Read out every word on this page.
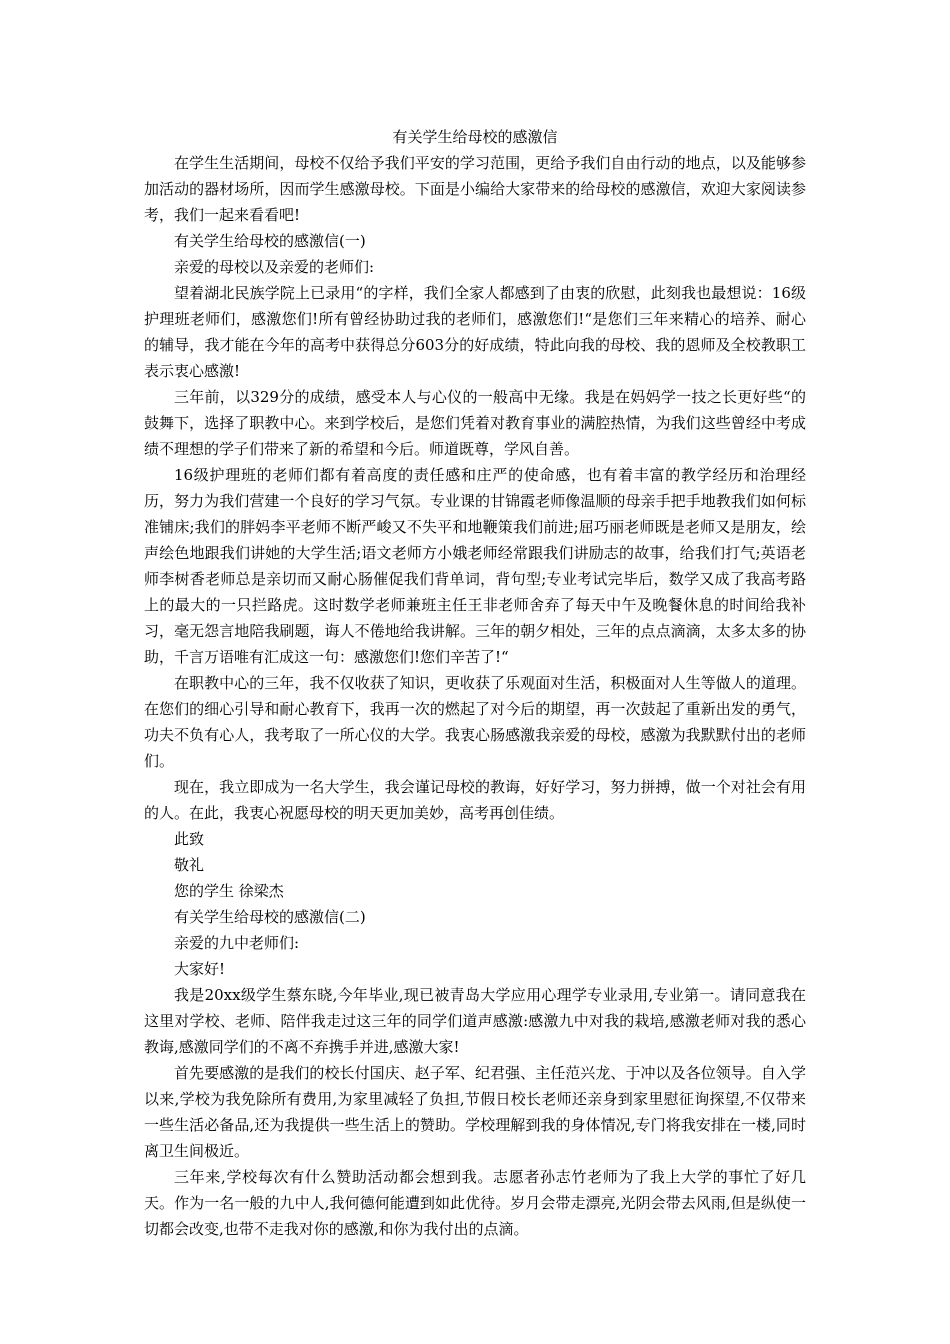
有关学生给母校的感激信

在学生生活期间，母校不仅给予我们平安的学习范围，更给予我们自由行动的地点，以及能够参加活动的器材场所，因而学生感激母校。下面是小编给大家带来的给母校的感激信，欢迎大家阅读参考，我们一起来看看吧!

有关学生给母校的感激信(一)

亲爱的母校以及亲爱的老师们:

望着湖北民族学院上已录用“的字样，我们全家人都感到了由衷的欣慰，此刻我也最想说：16级护理班老师们，感激您们!所有曾经协助过我的老师们，感激您们!“是您们三年来精心的培养、耐心的辅导，我才能在今年的高考中获得总分603分的好成绩，特此向我的母校、我的恩师及全校教职工表示衷心感激!

三年前，以329分的成绩，感受本人与心仪的一般高中无缘。我是在妈妈学一技之长更好些“的鼓舞下，选择了职教中心。来到学校后，是您们凭着对教育事业的满腔热情，为我们这些曾经中考成绩不理想的学子们带来了新的希望和今后。师道既尊，学风自善。

16级护理班的老师们都有着高度的责任感和庄严的使命感，也有着丰富的教学经历和治理经历，努力为我们营建一个良好的学习气氛。专业课的甘锦霞老师像温顺的母亲手把手地教我们如何标准铺床;我们的胖妈李平老师不断严峻又不失平和地鞭策我们前进;屈巧丽老师既是老师又是朋友，绘声绘色地跟我们讲她的大学生活;语文老师方小娥老师经常跟我们讲励志的故事，给我们打气;英语老师李树香老师总是亲切而又耐心肠催促我们背单词，背句型;专业考试完毕后，数学又成了我高考路上的最大的一只拦路虎。这时数学老师兼班主任王非老师舍弃了每天中午及晚餐休息的时间给我补习，毫无怨言地陪我刷题，诲人不倦地给我讲解。三年的朝夕相处，三年的点点滴滴，太多太多的协助，千言万语唯有汇成这一句：感激您们!您们辛苦了!“

在职教中心的三年，我不仅收获了知识，更收获了乐观面对生活，积极面对人生等做人的道理。在您们的细心引导和耐心教育下，我再一次的燃起了对今后的期望，再一次鼓起了重新出发的勇气，功夫不负有心人，我考取了一所心仪的大学。我衷心肠感激我亲爱的母校，感激为我默默付出的老师们。

现在，我立即成为一名大学生，我会谨记母校的教诲，好好学习，努力拼搏，做一个对社会有用的人。在此，我衷心祝愿母校的明天更加美妙，高考再创佳绩。

此致

敬礼

您的学生 徐梁杰

有关学生给母校的感激信(二)

亲爱的九中老师们:

大家好!

我是20xx级学生蔡东晓,今年毕业,现已被青岛大学应用心理学专业录用,专业第一。请同意我在这里对学校、老师、陪伴我走过这三年的同学们道声感激:感激九中对我的栽培,感激老师对我的悉心教诲,感激同学们的不离不弃携手并进,感激大家!

首先要感激的是我们的校长付国庆、赵子军、纪君强、主任范兴龙、于冲以及各位领导。自入学以来,学校为我免除所有费用,为家里减轻了负担,节假日校长老师还亲身到家里慰征询探望,不仅带来一些生活必备品,还为我提供一些生活上的赞助。学校理解到我的身体情况,专门将我安排在一楼,同时离卫生间极近。

三年来,学校每次有什么赞助活动都会想到我。志愿者孙志竹老师为了我上大学的事忙了好几天。作为一名一般的九中人,我何德何能遭到如此优待。岁月会带走漂亮,光阴会带去风雨,但是纵使一切都会改变,也带不走我对你的感激,和你为我付出的点滴。
